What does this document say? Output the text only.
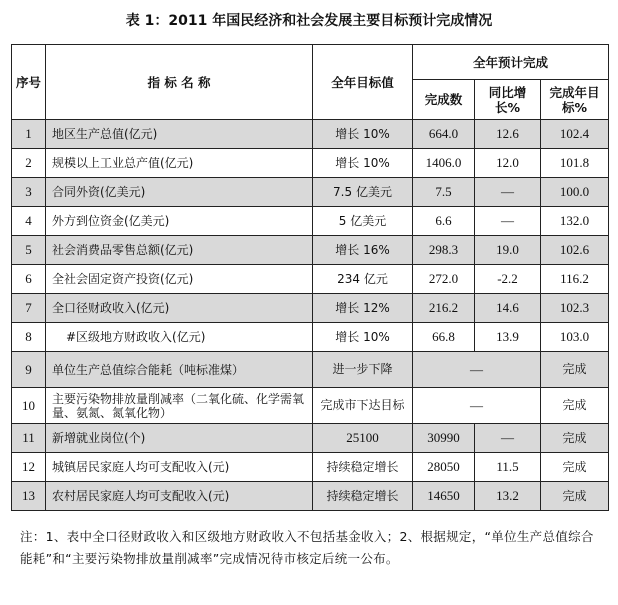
表 1：2011 年国民经济和社会发展主要目标预计完成情况
序号	指 标 名 称	全年目标值	全年预计完成		
			完成数	同比增长%	完成年目标%
1	地区生产总值(亿元)	增长 10%	664.0	12.6	102.4
2	规模以上工业总产值(亿元)	增长 10%	1406.0	12.0	101.8
3	合同外资(亿美元)	7.5 亿美元	7.5	—	100.0
4	外方到位资金(亿美元)	5 亿美元	6.6	—	132.0
5	社会消费品零售总额(亿元)	增长 16%	298.3	19.0	102.6
6	全社会固定资产投资(亿元)	234 亿元	272.0	-2.2	116.2
7	全口径财政收入(亿元)	增长 12%	216.2	14.6	102.3
8	#区级地方财政收入(亿元)	增长 10%	66.8	13.9	103.0
9	单位生产总值综合能耗（吨标准煤）	进一步下降	—		完成
10	主要污染物排放量削减率（二氧化硫、化学需氧量、氨氮、氮氧化物）	完成市下达目标	—		完成
11	新增就业岗位(个)	25100	30990	—	完成
12	城镇居民家庭人均可支配收入(元)	持续稳定增长	28050	11.5	完成
13	农村居民家庭人均可支配收入(元)	持续稳定增长	14650	13.2	完成
注：1、表中全口径财政收入和区级地方财政收入不包括基金收入；2、根据规定，“单位生产总值综合能耗”和“主要污染物排放量削减率”完成情况待市核定后统一公布。
